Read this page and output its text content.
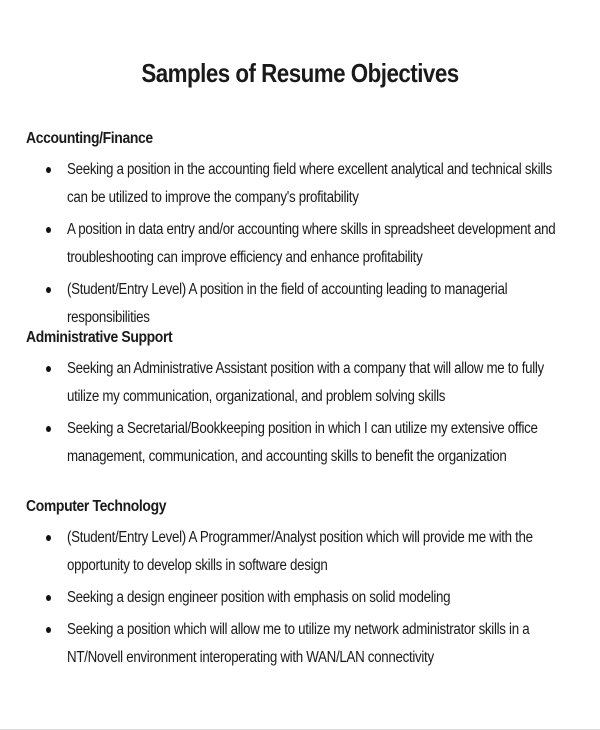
Samples of Resume Objectives
Accounting/Finance
Seeking a position in the accounting field where excellent analytical and technical skills can be utilized to improve the company's profitability
A position in data entry and/or accounting where skills in spreadsheet development and troubleshooting can improve efficiency and enhance profitability
(Student/Entry Level) A position in the field of accounting leading to managerial responsibilities
Administrative Support
Seeking an Administrative Assistant position with a company that will allow me to fully utilize my communication, organizational, and problem solving skills
Seeking a Secretarial/Bookkeeping position in which I can utilize my extensive office management, communication, and accounting skills to benefit the organization
Computer Technology
(Student/Entry Level) A Programmer/Analyst position which will provide me with the opportunity to develop skills in software design
Seeking a design engineer position with emphasis on solid modeling
Seeking a position which will allow me to utilize my network administrator skills in a NT/Novell environment interoperating with WAN/LAN connectivity
